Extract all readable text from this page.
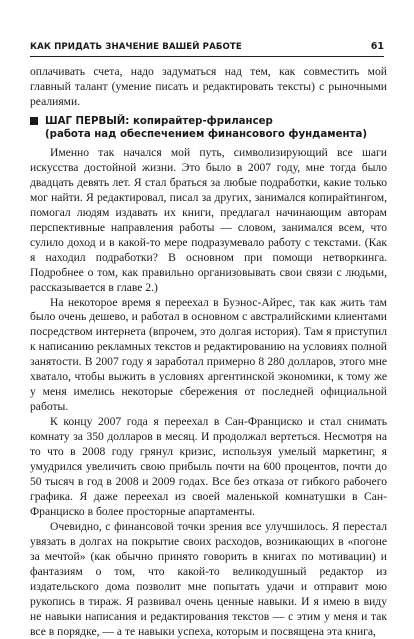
КАК ПРИДАТЬ ЗНАЧЕНИЕ ВАШЕЙ РАБОТЕ	61

оплачивать счета, надо задуматься над тем, как совместить мой главный талант (умение писать и редактировать тексты) с рыночными реалиями.

ШАГ ПЕРВЫЙ: копирайтер-фрилансер
(работа над обеспечением финансового фундамента)

Именно так начался мой путь, символизирующий все шаги искусства достойной жизни. Это было в 2007 году, мне тогда было двадцать девять лет. Я стал браться за любые подработки, какие только мог найти. Я редактировал, писал за других, занимался копирайтингом, помогал людям издавать их книги, предлагал начинающим авторам перспективные направления работы — словом, занимался всем, что сулило доход и в какой-то мере подразумевало работу с текстами. (Как я находил подработки? В основном при помощи нетворкинга. Подробнее о том, как правильно организовывать свои связи с людьми, рассказывается в главе 2.)

На некоторое время я переехал в Буэнос-Айрес, так как жить там было очень дешево, и работал в основном с австралийскими клиентами посредством интернета (впрочем, это долгая история). Там я приступил к написанию рекламных текстов и редактированию на условиях полной занятости. В 2007 году я заработал примерно 8 280 долларов, этого мне хватало, чтобы выжить в условиях аргентинской экономики, к тому же у меня имелись некоторые сбережения от последней официальной работы.

К концу 2007 года я переехал в Сан-Франциско и стал снимать комнату за 350 долларов в месяц. И продолжал вертеться. Несмотря на то что в 2008 году грянул кризис, используя умелый маркетинг, я умудрился увеличить свою прибыль почти на 600 процентов, почти до 50 тысяч в год в 2008 и 2009 годах. Все без отказа от гибкого рабочего графика. Я даже переехал из своей маленькой комнатушки в Сан-Франциско в более просторные апартаменты.

Очевидно, с финансовой точки зрения все улучшилось. Я перестал увязать в долгах на покрытие своих расходов, возникающих в «погоне за мечтой» (как обычно принято говорить в книгах по мотивации) и фантазиям о том, что какой-то великодушный редактор из издательского дома позволит мне попытать удачи и отправит мою рукопись в тираж. Я развивал очень ценные навыки. И я имею в виду не навыки написания и редактирования текстов — с этим у меня и так все в порядке, — а те навыки успеха, которым и посвящена эта книга,
